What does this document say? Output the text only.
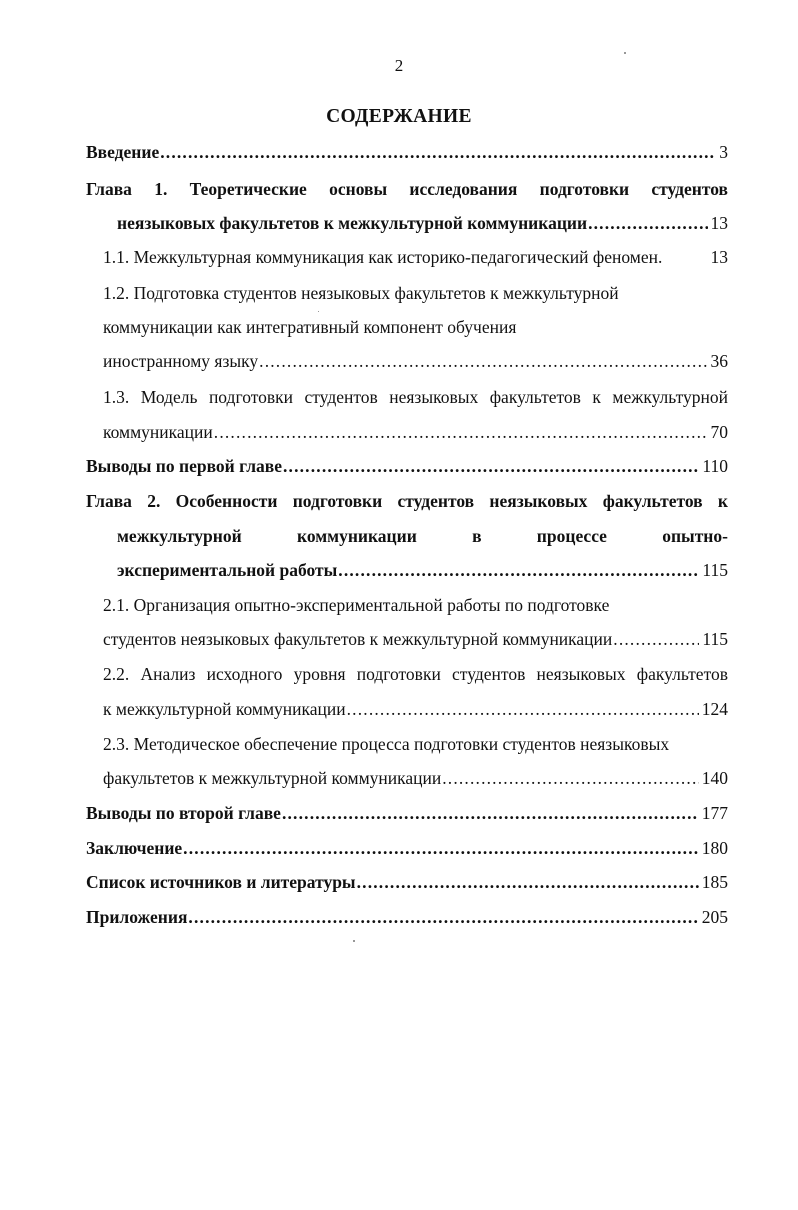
2
СОДЕРЖАНИЕ
Введение . . .	3
Глава 1. Теоретические основы исследования подготовки студентов
неязыковых факультетов к межкультурной коммуникации . . .	13
1.1. Межкультурная коммуникация как историко-педагогический феномен.	13
1.2. Подготовка студентов неязыковых факультетов к межкультурной
коммуникации как интегративный компонент обучения
иностранному языку . . .	36
1.3. Модель подготовки студентов неязыковых факультетов к межкультурной
коммуникации . . .	70
Выводы по первой главе . . .	110
Глава 2. Особенности подготовки студентов неязыковых факультетов к
межкультурной	коммуникации	в	процессе	опытно-
экспериментальной работы . . .	115
2.1. Организация опытно-экспериментальной работы по подготовке
студентов неязыковых факультетов к межкультурной коммуникации . . .	115
2.2. Анализ исходного уровня подготовки студентов неязыковых факультетов
к межкультурной коммуникации . . .	124
2.3. Методическое обеспечение процесса подготовки студентов неязыковых
факультетов к межкультурной коммуникации . . .	140
Выводы по второй главе . . .	177
Заключение . . .	180
Список источников и литературы . . .	185
Приложения . . .	205
